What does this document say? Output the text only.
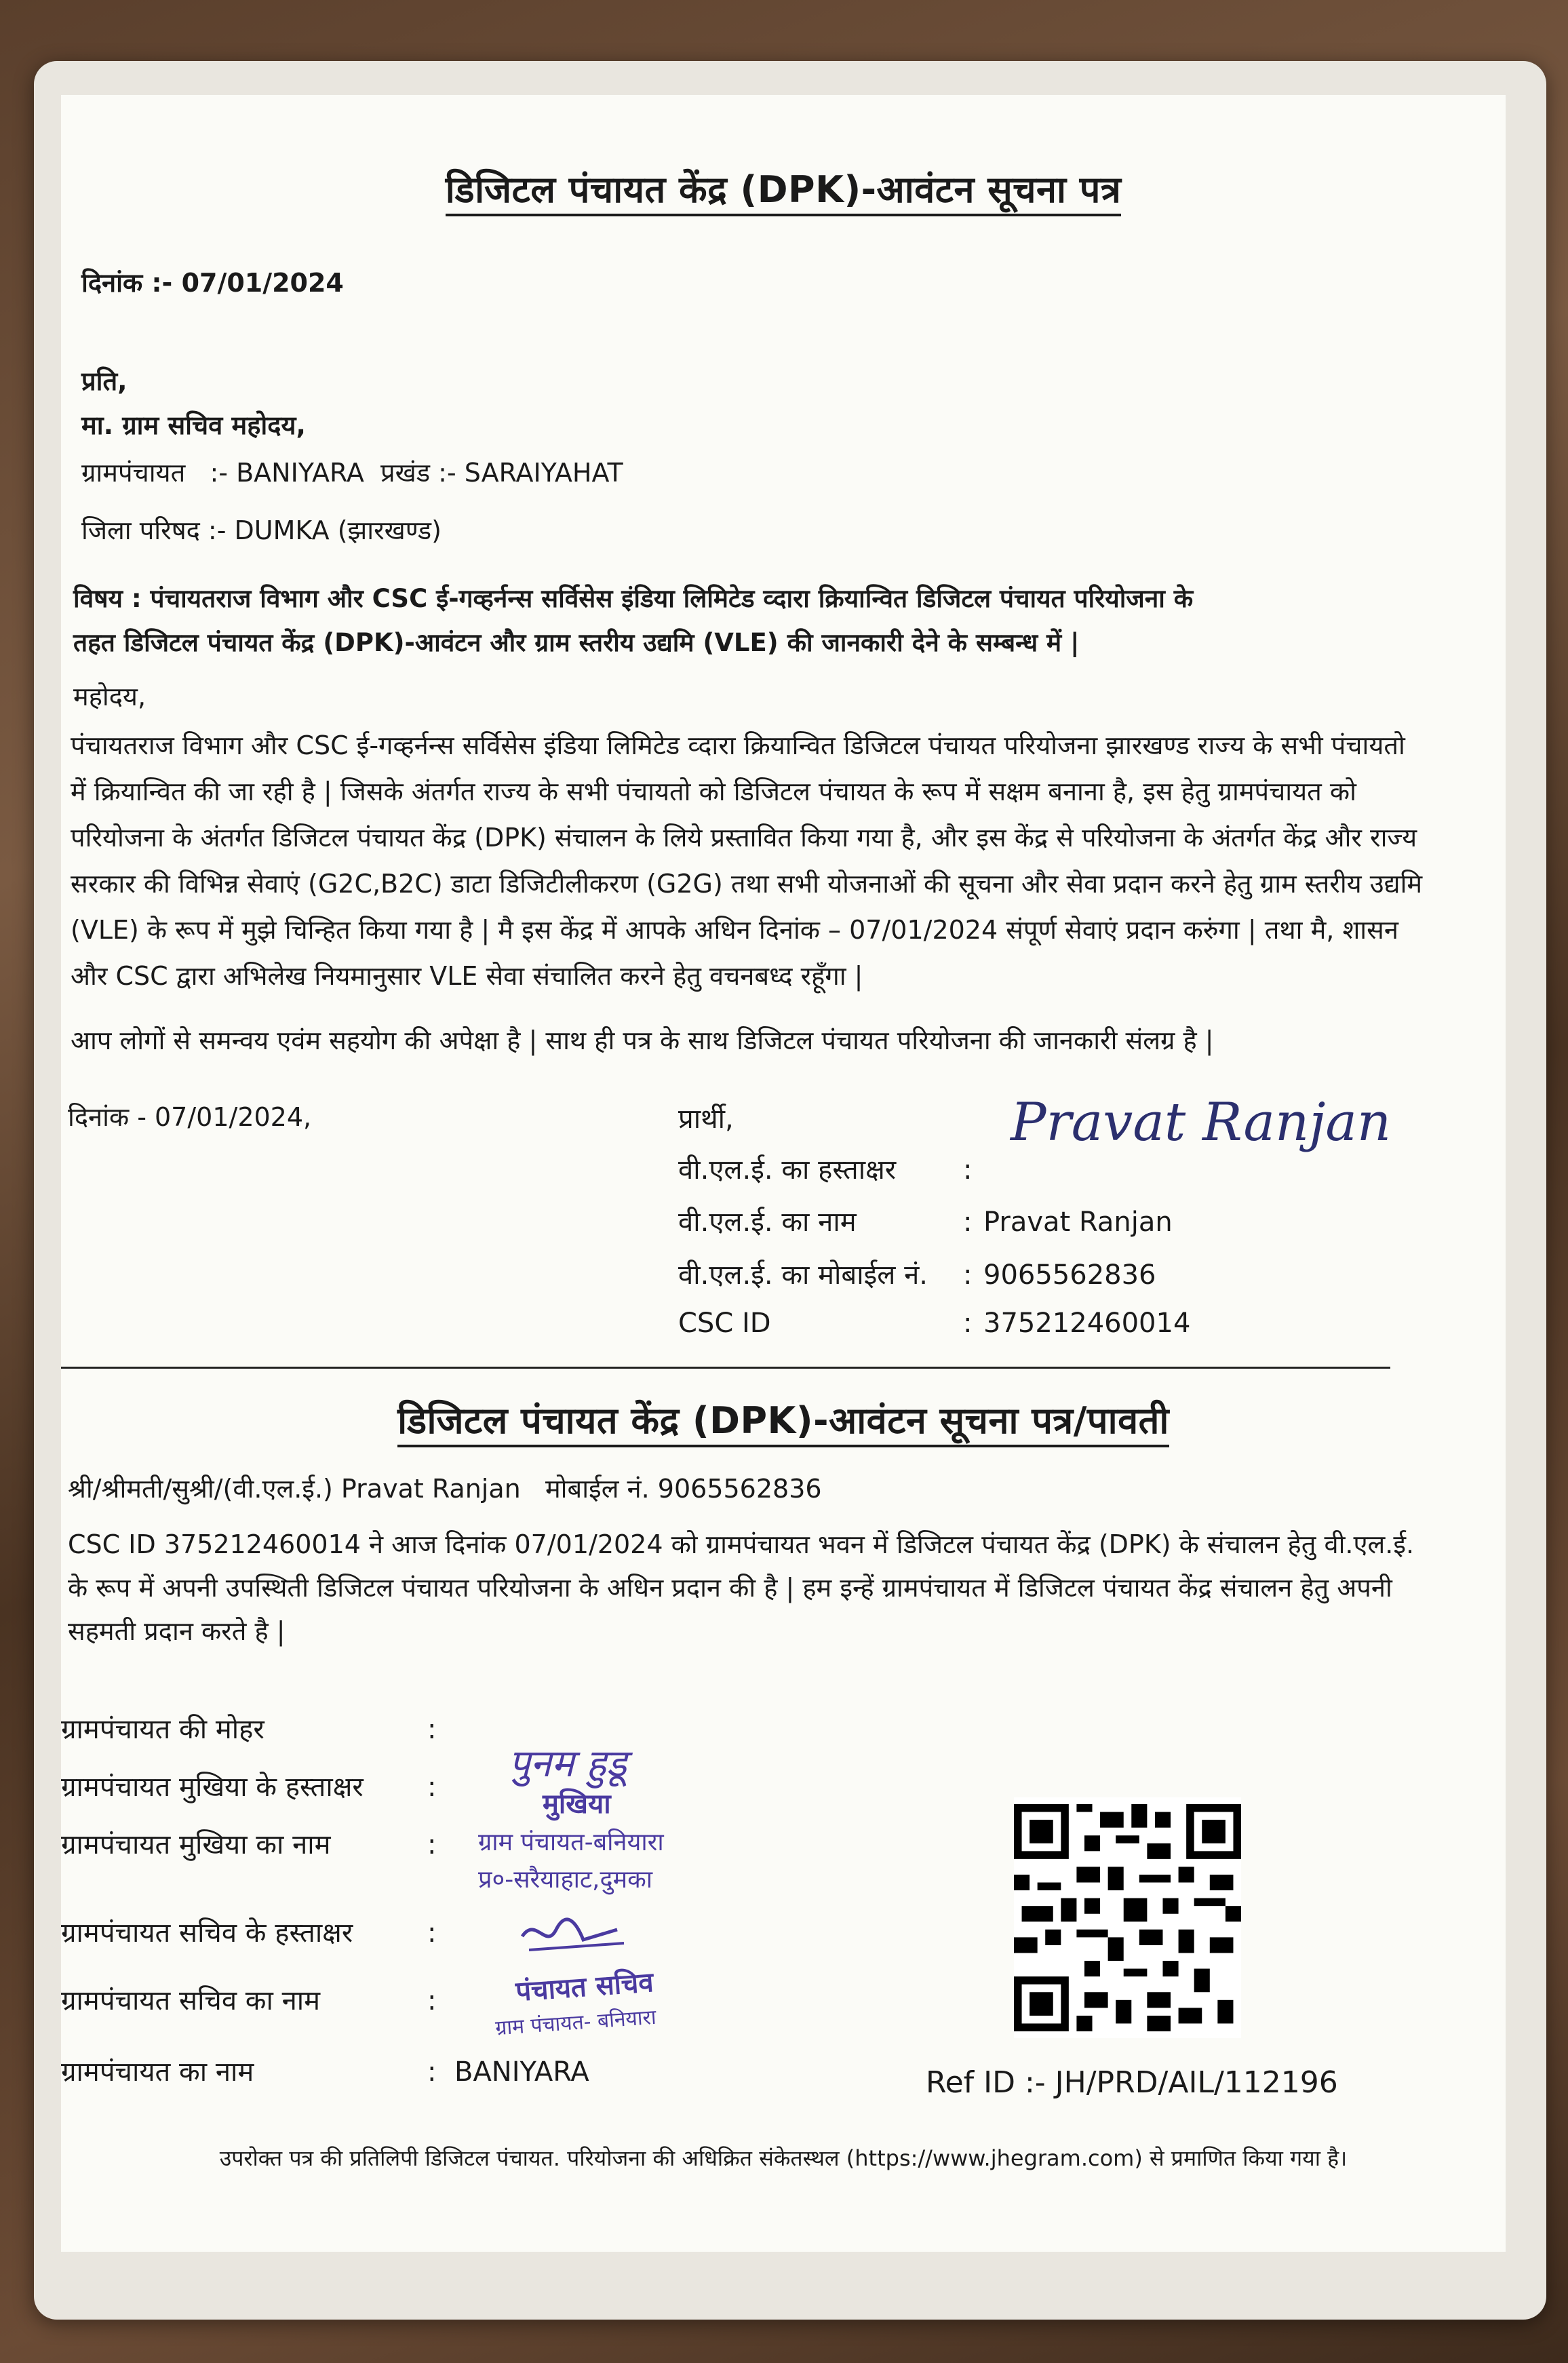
डिजिटल पंचायत केंद्र (DPK)-आवंटन सूचना पत्र
दिनांक :- 07/01/2024
प्रति,
मा. ग्राम सचिव महोदय,
ग्रामपंचायत   :- BANIYARA  प्रखंड :- SARAIYAHAT
जिला परिषद :- DUMKA (झारखण्ड)
विषय : पंचायतराज विभाग और CSC ई-गव्हर्नन्स सर्विसेस इंडिया लिमिटेड व्दारा क्रियान्वित डिजिटल पंचायत परियोजना के
तहत डिजिटल पंचायत केंद्र (DPK)-आवंटन और ग्राम स्तरीय उद्यमि (VLE) की जानकारी देने के सम्बन्ध में |
महोदय,
पंचायतराज विभाग और CSC ई-गव्हर्नन्स सर्विसेस इंडिया लिमिटेड व्दारा क्रियान्वित डिजिटल पंचायत परियोजना झारखण्ड राज्य के सभी पंचायतो में क्रियान्वित की जा रही है | जिसके अंतर्गत राज्य के सभी पंचायतो को डिजिटल पंचायत के रूप में सक्षम बनाना है, इस हेतु ग्रामपंचायत को परियोजना के अंतर्गत डिजिटल पंचायत केंद्र (DPK) संचालन के लिये प्रस्तावित किया गया है, और इस केंद्र से परियोजना के अंतर्गत केंद्र और राज्य सरकार की विभिन्न सेवाएं (G2C,B2C) डाटा डिजिटीलीकरण (G2G) तथा सभी योजनाओं की सूचना और सेवा प्रदान करने हेतु ग्राम स्तरीय उद्यमि (VLE) के रूप में मुझे चिन्हित किया गया है | मै इस केंद्र में आपके अधिन दिनांक – 07/01/2024 संपूर्ण सेवाएं प्रदान करुंगा | तथा मै, शासन और CSC द्वारा अभिलेख नियमानुसार VLE सेवा संचालित करने हेतु वचनबध्द रहूँगा |
आप लोगों से समन्वय एवंम सहयोग की अपेक्षा है | साथ ही पत्र के साथ डिजिटल पंचायत परियोजना की जानकारी संलग्र है |
दिनांक - 07/01/2024,	प्रार्थी,
वी.एल.ई. का हस्ताक्षर :
Pravat Ranjan
वी.एल.ई. का नाम	: Pravat Ranjan
वी.एल.ई. का मोबाईल नं. : 9065562836
CSC ID	: 375212460014
डिजिटल पंचायत केंद्र (DPK)-आवंटन सूचना पत्र/पावती
श्री/श्रीमती/सुश्री/(वी.एल.ई.) Pravat Ranjan   मोबाईल नं. 9065562836
CSC ID 375212460014 ने आज दिनांक 07/01/2024 को ग्रामपंचायत भवन में डिजिटल पंचायत केंद्र (DPK) के संचालन हेतु वी.एल.ई. के रूप में अपनी उपस्थिती डिजिटल पंचायत परियोजना के अधिन प्रदान की है | हम इन्हें ग्रामपंचायत में डिजिटल पंचायत केंद्र संचालन हेतु अपनी सहमती प्रदान करते है |
ग्रामपंचायत की मोहर	:
ग्रामपंचायत मुखिया के हस्ताक्षर :
ग्रामपंचायत मुखिया का नाम	:
ग्रामपंचायत सचिव के हस्ताक्षर	:
ग्रामपंचायत सचिव का नाम	:
ग्रामपंचायत का नाम	: BANIYARA
पुनम हुडू
मुखिया
ग्राम पंचायत-बनियारा
प्र०-सरैयाहाट,दुमका
पंचायत सचिव
ग्राम पंचायत- बनियारा
Ref ID :- JH/PRD/AIL/112196
उपरोक्त पत्र की प्रतिलिपी डिजिटल पंचायत. परियोजना की अधिक्रित संकेतस्थल (https://www.jhegram.com) से प्रमाणित किया गया है।
